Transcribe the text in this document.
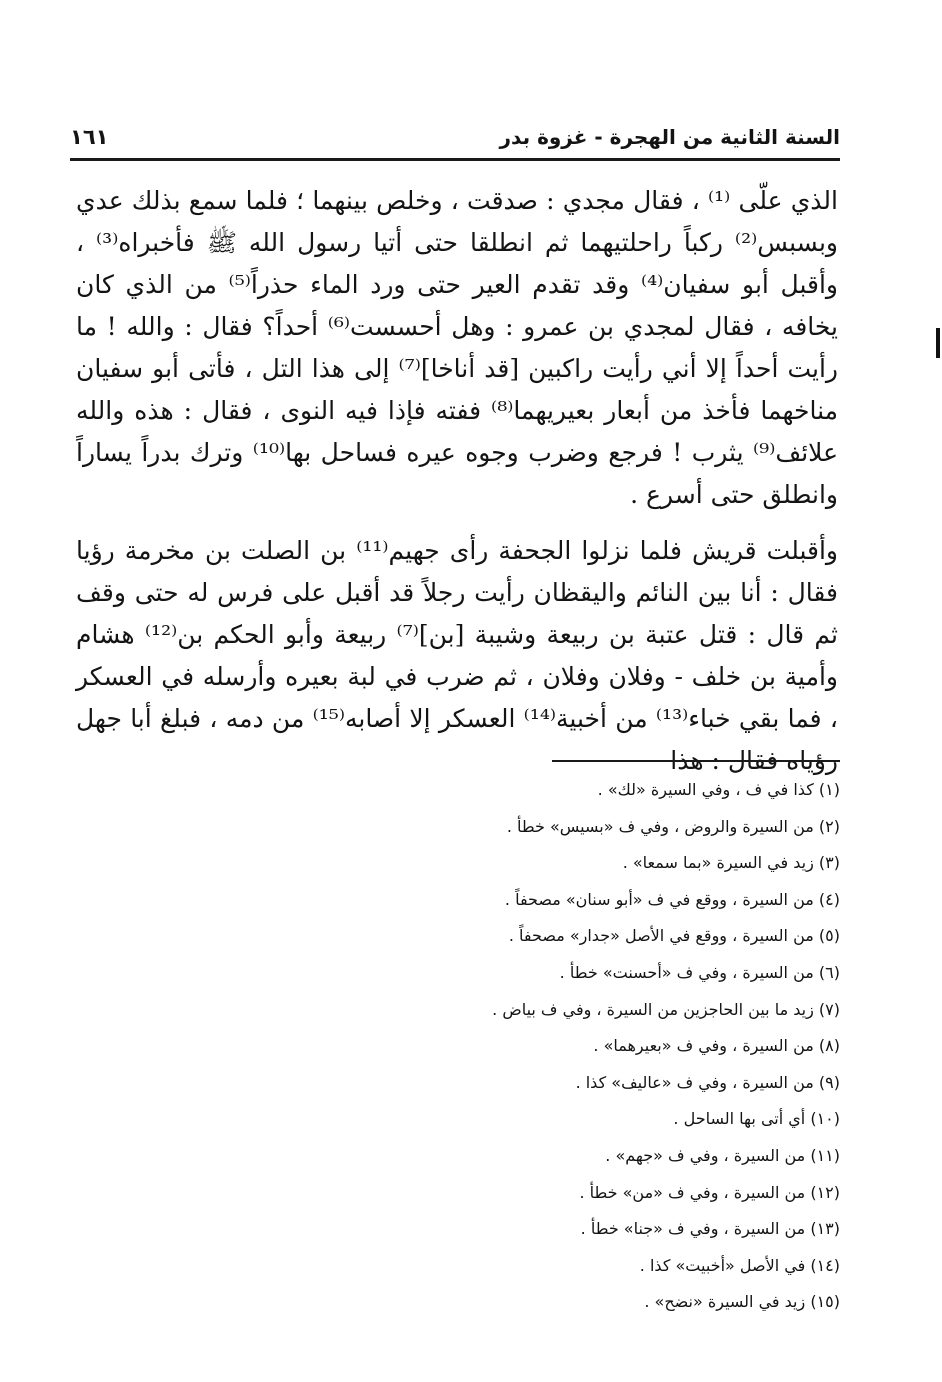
السنة الثانية من الهجرة - غزوة بدر
١٦١

الذي علّى ⁽¹⁾ ، فقال مجدي : صدقت ، وخلص بينهما ؛ فلما سمع بذلك عدي وبسبس⁽²⁾ ركباً راحلتيهما ثم انطلقا حتى أتيا رسول الله ﷺ فأخبراه⁽³⁾ ، وأقبل أبو سفيان⁽⁴⁾ وقد تقدم العير حتى ورد الماء حذراً⁽⁵⁾ من الذي كان يخافه ، فقال لمجدي بن عمرو : وهل أحسست⁽⁶⁾ أحداً؟ فقال : والله ! ما رأيت أحداً إلا أني رأيت راكبين [قد أناخا]⁽⁷⁾ إلى هذا التل ، فأتى أبو سفيان مناخهما فأخذ من أبعار بعيريهما⁽⁸⁾ ففته فإذا فيه النوى ، فقال : هذه والله علائف⁽⁹⁾ يثرب ! فرجع وضرب وجوه عيره فساحل بها⁽¹⁰⁾ وترك بدراً يساراً وانطلق حتى أسرع .

وأقبلت قريش فلما نزلوا الجحفة رأى جهيم⁽¹¹⁾ بن الصلت بن مخرمة رؤيا فقال : أنا بين النائم واليقظان رأيت رجلاً قد أقبل على فرس له حتى وقف ثم قال : قتل عتبة بن ربيعة وشيبة [بن]⁽⁷⁾ ربيعة وأبو الحكم بن⁽¹²⁾ هشام وأمية بن خلف - وفلان وفلان ، ثم ضرب في لبة بعيره وأرسله في العسكر ، فما بقي خباء⁽¹³⁾ من أخبية⁽¹⁴⁾ العسكر إلا أصابه⁽¹⁵⁾ من دمه ، فبلغ أبا جهل رؤياه فقال : هذا

(١) كذا في ف ، وفي السيرة «لك» .
(٢) من السيرة والروض ، وفي ف «بسيس» خطأ .
(٣) زيد في السيرة «بما سمعا» .
(٤) من السيرة ، ووقع في ف «أبو سنان» مصحفاً .
(٥) من السيرة ، ووقع في الأصل «جدار» مصحفاً .
(٦) من السيرة ، وفي ف «أحسنت» خطأ .
(٧) زيد ما بين الحاجزين من السيرة ، وفي ف بياض .
(٨) من السيرة ، وفي ف «بعيرهما» .
(٩) من السيرة ، وفي ف «عاليف» كذا .
(١٠) أي أتى بها الساحل .
(١١) من السيرة ، وفي ف «جهم» .
(١٢) من السيرة ، وفي ف «من» خطأ .
(١٣) من السيرة ، وفي ف «جنا» خطأ .
(١٤) في الأصل «أخبيت» كذا .
(١٥) زيد في السيرة «نضح» .
